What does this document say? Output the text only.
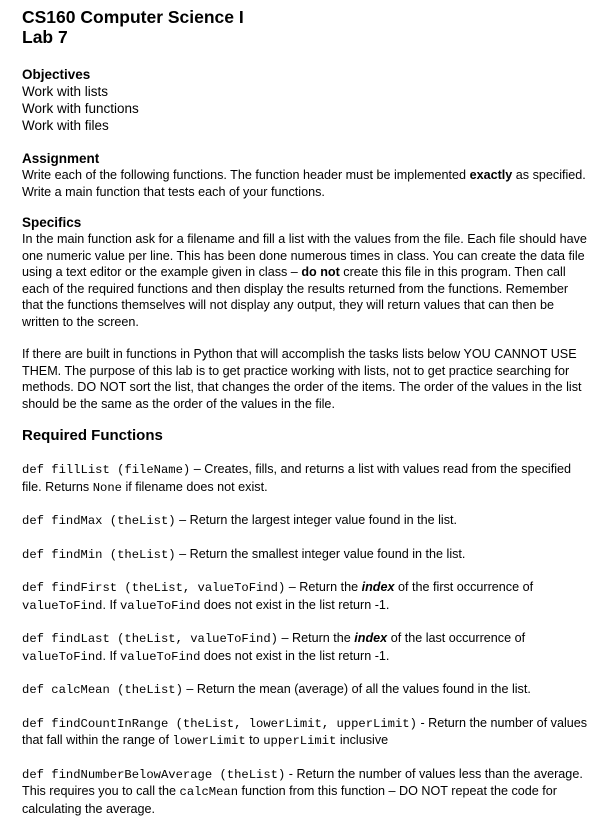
CS160 Computer Science I
Lab 7
Objectives
Work with lists
Work with functions
Work with files
Assignment

Write each of the following functions. The function header must be implemented exactly as specified. Write a main function that tests each of your functions.

Specifics

In the main function ask for a filename and fill a list with the values from the file. Each file should have one numeric value per line. This has been done numerous times in class. You can create the data file using a text editor or the example given in class – do not create this file in this program. Then call each of the required functions and then display the results returned from the functions. Remember that the functions themselves will not display any output, they will return values that can then be written to the screen.

If there are built in functions in Python that will accomplish the tasks lists below YOU CANNOT USE THEM. The purpose of this lab is to get practice working with lists, not to get practice searching for methods. DO NOT sort the list, that changes the order of the items. The order of the values in the list should be the same as the order of the values in the file.

Required Functions

def fillList (fileName) – Creates, fills, and returns a list with values read from the specified file. Returns None if filename does not exist.

def findMax (theList) – Return the largest integer value found in the list.

def findMin (theList) – Return the smallest integer value found in the list.

def findFirst (theList, valueToFind) – Return the index of the first occurrence of valueToFind. If valueToFind does not exist in the list return -1.

def findLast (theList, valueToFind) – Return the index of the last occurrence of valueToFind. If valueToFind does not exist in the list return -1.

def calcMean (theList) – Return the mean (average) of all the values found in the list.

def findCountInRange (theList, lowerLimit, upperLimit) - Return the number of values that fall within the range of lowerLimit to upperLimit inclusive

def findNumberBelowAverage (theList) - Return the number of values less than the average. This requires you to call the calcMean function from this function – DO NOT repeat the code for calculating the average.
